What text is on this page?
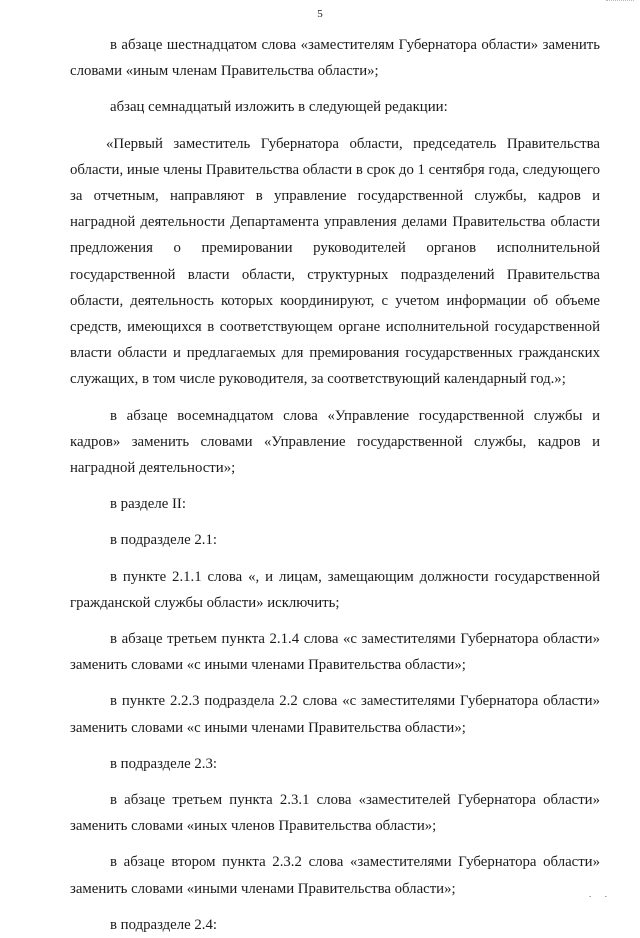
5

в абзаце шестнадцатом слова «заместителям Губернатора области» заменить словами «иным членам Правительства области»;

абзац семнадцатый изложить в следующей редакции:

«Первый заместитель Губернатора области, председатель Правительства области, иные члены Правительства области в срок до 1 сентября года, следующего за отчетным, направляют в управление государственной службы, кадров и наградной деятельности Департамента управления делами Правительства области предложения о премировании руководителей органов исполнительной государственной власти области, структурных подразделений Правительства области, деятельность которых координируют, с учетом информации об объеме средств, имеющихся в соответствующем органе исполнительной государственной власти области и предлагаемых для премирования государственных гражданских служащих, в том числе руководителя, за соответствующий календарный год.»;

в абзаце восемнадцатом слова «Управление государственной службы и кадров» заменить словами «Управление государственной службы, кадров и наградной деятельности»;

в разделе II:

в подразделе 2.1:

в пункте 2.1.1 слова «, и лицам, замещающим должности государственной гражданской службы области» исключить;

в абзаце третьем пункта 2.1.4 слова «с заместителями Губернатора области» заменить словами «с иными членами Правительства области»;

в пункте 2.2.3 подраздела 2.2 слова «с заместителями Губернатора области» заменить словами «с иными членами Правительства области»;

в подразделе 2.3:

в абзаце третьем пункта 2.3.1 слова «заместителей Губернатора области» заменить словами «иных членов Правительства области»;

в абзаце втором пункта 2.3.2 слова «заместителями Губернатора области» заменить словами «иными членами Правительства области»;

в подразделе 2.4:

.  .
